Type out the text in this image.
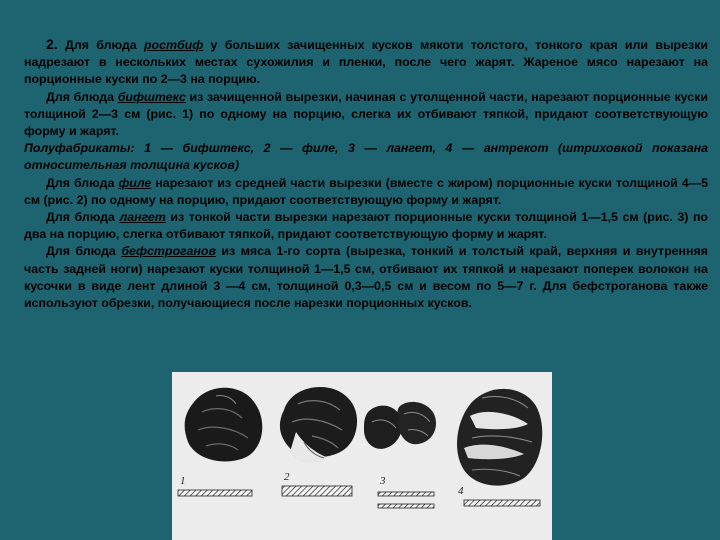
2. Для блюда ростбиф у больших зачищенных кусков мякоти толстого, тонкого края или вырезки надрезают в нескольких местах сухожилия и пленки, после чего жарят. Жареное мясо нарезают на порционные куски по 2—3 на порцию.

Для блюда бифштекс из зачищенной вырезки, начиная с утолщенной части, нарезают порционные куски толщиной 2—3 см (рис. 1) по одному на порцию, слегка их отбивают тяпкой, придают соответствующую форму и жарят.

Полуфабрикаты: 1 — бифштекс, 2 — филе, 3 — лангет, 4 — антрекот (штриховкой показана относительная толщина кусков)

Для блюда филе нарезают из средней части вырезки (вместе с жиром) порционные куски толщиной 4—5 см (рис. 2) по одному на порцию, придают соответствующую форму и жарят.

Для блюда лангет из тонкой части вырезки нарезают порционные куски толщиной 1—1,5 см (рис. 3) по два на порцию, слегка отбивают тяпкой, придают соответствующую форму и жарят.

Для блюда бефстроганов из мяса 1-го сорта (вырезка, тонкий и толстый край, верхняя и внутренняя часть задней ноги) нарезают куски толщиной 1—1,5 см, отбивают их тяпкой и нарезают поперек волокон на кусочки в виде лент длиной 3 —4 см, толщиной 0,3—0,5 см и весом по 5—7 г. Для бефстроганова также используют обрезки, получающиеся после нарезки порционных кусков.

1	2	3
4
